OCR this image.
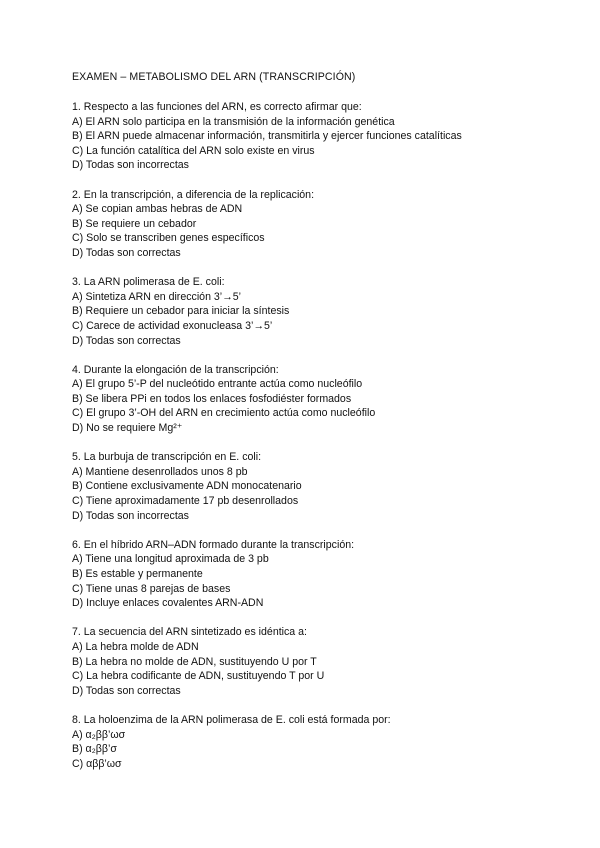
EXAMEN – METABOLISMO DEL ARN (TRANSCRIPCIÓN)
1. Respecto a las funciones del ARN, es correcto afirmar que:
A) El ARN solo participa en la transmisión de la información genética
B) El ARN puede almacenar información, transmitirla y ejercer funciones catalíticas
C) La función catalítica del ARN solo existe en virus
D) Todas son incorrectas
2. En la transcripción, a diferencia de la replicación:
A) Se copian ambas hebras de ADN
B) Se requiere un cebador
C) Solo se transcriben genes específicos
D) Todas son correctas
3. La ARN polimerasa de E. coli:
A) Sintetiza ARN en dirección 3’→5’
B) Requiere un cebador para iniciar la síntesis
C) Carece de actividad exonucleasa 3’→5’
D) Todas son correctas
4. Durante la elongación de la transcripción:
A) El grupo 5’-P del nucleótido entrante actúa como nucleófilo
B) Se libera PPi en todos los enlaces fosfodiéster formados
C) El grupo 3’-OH del ARN en crecimiento actúa como nucleófilo
D) No se requiere Mg²⁺
5. La burbuja de transcripción en E. coli:
A) Mantiene desenrollados unos 8 pb
B) Contiene exclusivamente ADN monocatenario
C) Tiene aproximadamente 17 pb desenrollados
D) Todas son incorrectas
6. En el híbrido ARN–ADN formado durante la transcripción:
A) Tiene una longitud aproximada de 3 pb
B) Es estable y permanente
C) Tiene unas 8 parejas de bases
D) Incluye enlaces covalentes ARN-ADN
7. La secuencia del ARN sintetizado es idéntica a:
A) La hebra molde de ADN
B) La hebra no molde de ADN, sustituyendo U por T
C) La hebra codificante de ADN, sustituyendo T por U
D) Todas son correctas
8. La holoenzima de la ARN polimerasa de E. coli está formada por:
A) α₂ββ’ωσ
B) α₂ββ’σ
C) αββ’ωσ
